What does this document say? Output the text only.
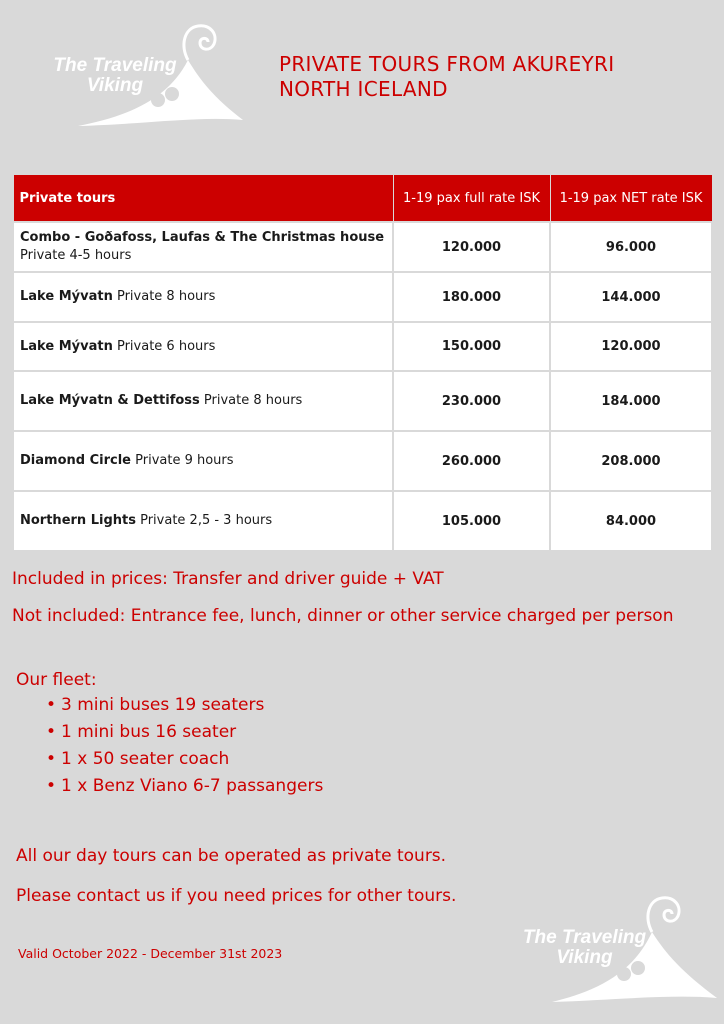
The Traveling
Viking
PRIVATE TOURS FROM AKUREYRI
NORTH ICELAND
Private tours	1-19 pax full rate ISK	1-19 pax NET rate ISK
Combo - Goðafoss, Laufas & The Christmas house
Private 4-5 hours	120.000	96.000
Lake Mývatn Private 8 hours	180.000	144.000
Lake Mývatn Private 6 hours	150.000	120.000
Lake Mývatn & Dettifoss Private 8 hours	230.000	184.000
Diamond Circle Private 9 hours	260.000	208.000
Northern Lights Private 2,5 - 3 hours	105.000	84.000
Included in prices: Transfer and driver guide + VAT
Not included: Entrance fee, lunch, dinner or other service charged per person
Our fleet:
• 3 mini buses 19 seaters
• 1 mini bus 16 seater
• 1 x 50 seater coach
• 1 x Benz Viano 6-7 passangers
All our day tours can be operated as private tours.
Please contact us if you need prices for other tours.
Valid October 2022 - December 31st 2023
The Traveling
Viking
